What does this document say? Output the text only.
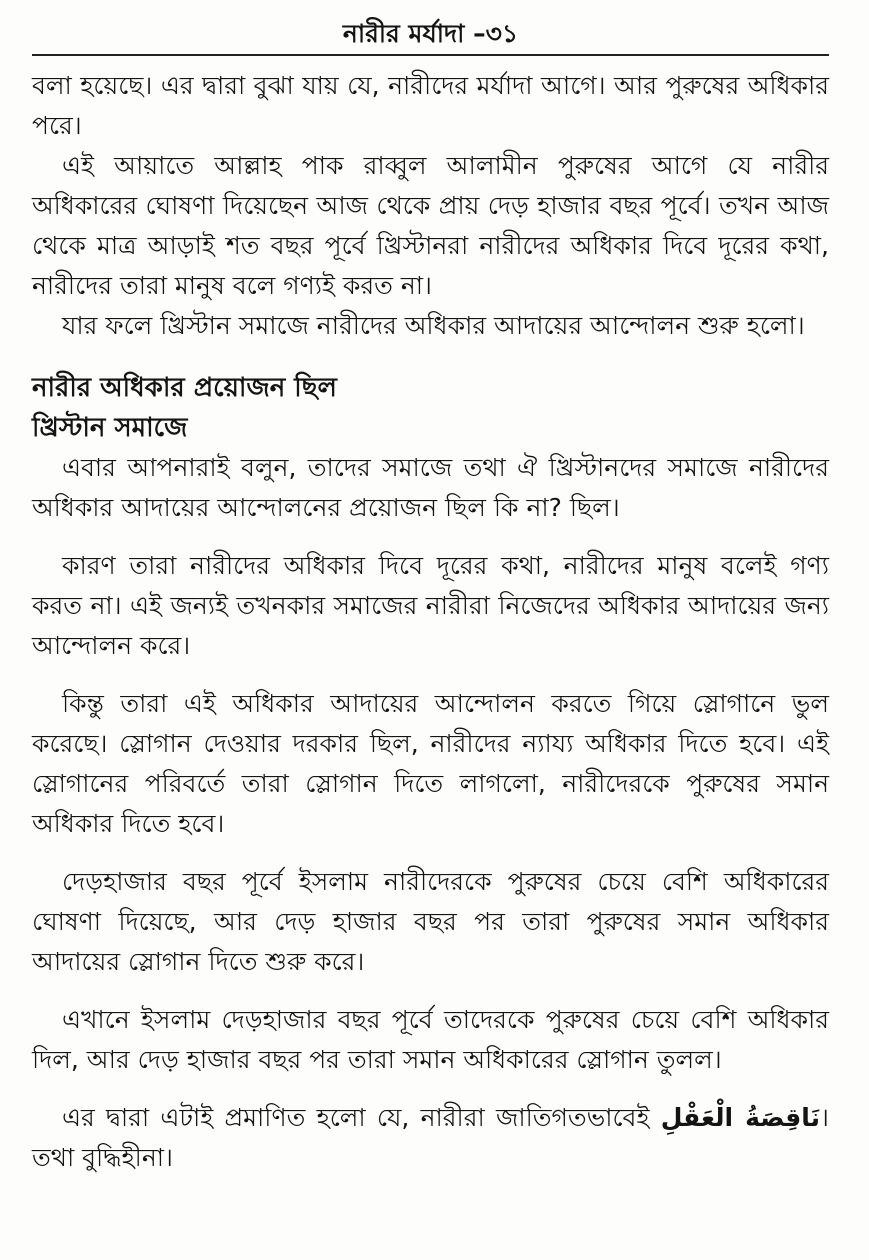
নারীর মর্যাদা –৩১

বলা হয়েছে। এর দ্বারা বুঝা যায় যে, নারীদের মর্যাদা আগে। আর পুরুষের অধিকার পরে।

এই আয়াতে আল্লাহ পাক রাব্বুল আলামীন পুরুষের আগে যে নারীর অধিকারের ঘোষণা দিয়েছেন আজ থেকে প্রায় দেড় হাজার বছর পূর্বে। তখন আজ থেকে মাত্র আড়াই শত বছর পূর্বে খ্রিস্টানরা নারীদের অধিকার দিবে দূরের কথা, নারীদের তারা মানুষ বলে গণ্যই করত না।

যার ফলে খ্রিস্টান সমাজে নারীদের অধিকার আদায়ের আন্দোলন শুরু হলো।

নারীর অধিকার প্রয়োজন ছিল
খ্রিস্টান সমাজে

এবার আপনারাই বলুন, তাদের সমাজে তথা ঐ খ্রিস্টানদের সমাজে নারীদের অধিকার আদায়ের আন্দোলনের প্রয়োজন ছিল কি না? ছিল।

কারণ তারা নারীদের অধিকার দিবে দূরের কথা, নারীদের মানুষ বলেই গণ্য করত না। এই জন্যই তখনকার সমাজের নারীরা নিজেদের অধিকার আদায়ের জন্য আন্দোলন করে।

কিন্তু তারা এই অধিকার আদায়ের আন্দোলন করতে গিয়ে স্লোগানে ভুল করেছে। স্লোগান দেওয়ার দরকার ছিল, নারীদের ন্যায্য অধিকার দিতে হবে। এই স্লোগানের পরিবর্তে তারা স্লোগান দিতে লাগলো, নারীদেরকে পুরুষের সমান অধিকার দিতে হবে।

দেড়হাজার বছর পূর্বে ইসলাম নারীদেরকে পুরুষের চেয়ে বেশি অধিকারের ঘোষণা দিয়েছে, আর দেড় হাজার বছর পর তারা পুরুষের সমান অধিকার আদায়ের স্লোগান দিতে শুরু করে।

এখানে ইসলাম দেড়হাজার বছর পূর্বে তাদেরকে পুরুষের চেয়ে বেশি অধিকার দিল, আর দেড় হাজার বছর পর তারা সমান অধিকারের স্লোগান তুলল।

এর দ্বারা এটাই প্রমাণিত হলো যে, নারীরা জাতিগতভাবেই نَاقِصَةُ الْعَقْلِ। তথা বুদ্ধিহীনা।
